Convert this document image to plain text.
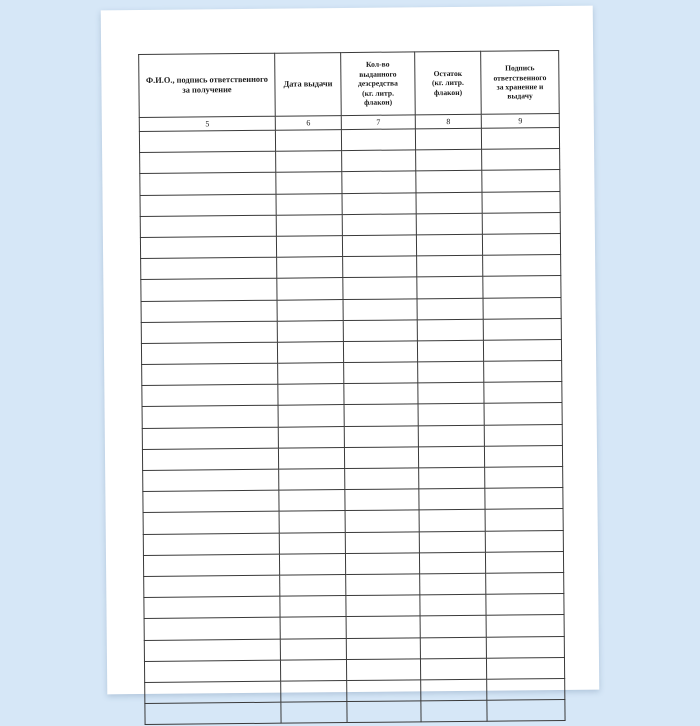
Ф.И.О., подпись ответственного
за получение	Дата выдачи	Кол-во
выданного
дезсредства
(кг. литр.
флакон)	Остаток
(кг. литр.
флакон)	Подпись
ответственного
за хранение и
выдачу

5	6	7	8	9
